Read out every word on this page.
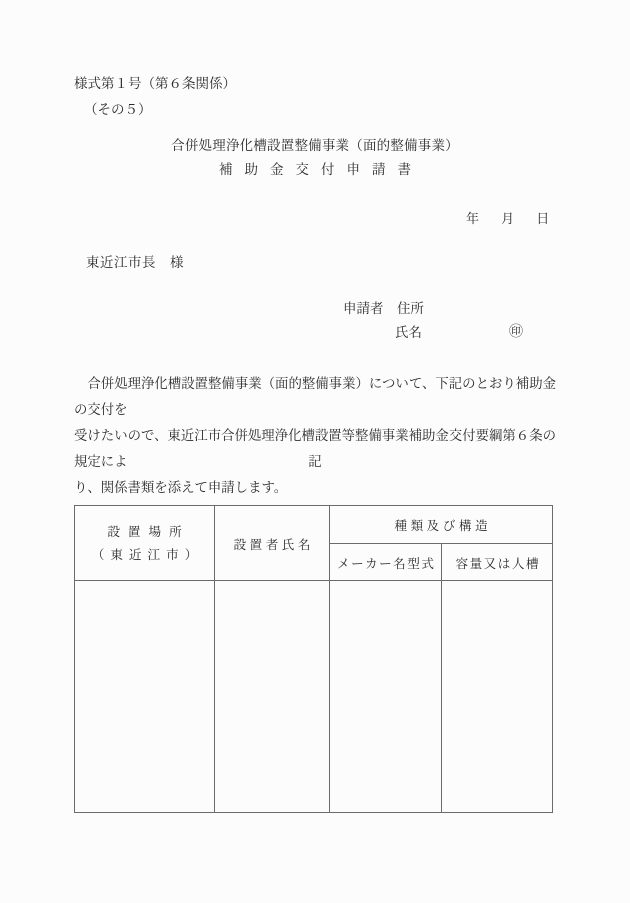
様式第１号（第６条関係）
（その５）
合併処理浄化槽設置整備事業（面的整備事業）
補助金交付申請書
年 月 日
東近江市長　様
申請者　住所
氏名	㊞

合併処理浄化槽設置整備事業（面的整備事業）について、下記のとおり補助金の交付を

受けたいので、東近江市合併処理浄化槽設置等整備事業補助金交付要綱第６条の規定によ

り、関係書類を添えて申請します。

記
設置場所
（東近江市）	設置者氏名	種類及び構造	

		メーカー名型式	容量又は人槽
